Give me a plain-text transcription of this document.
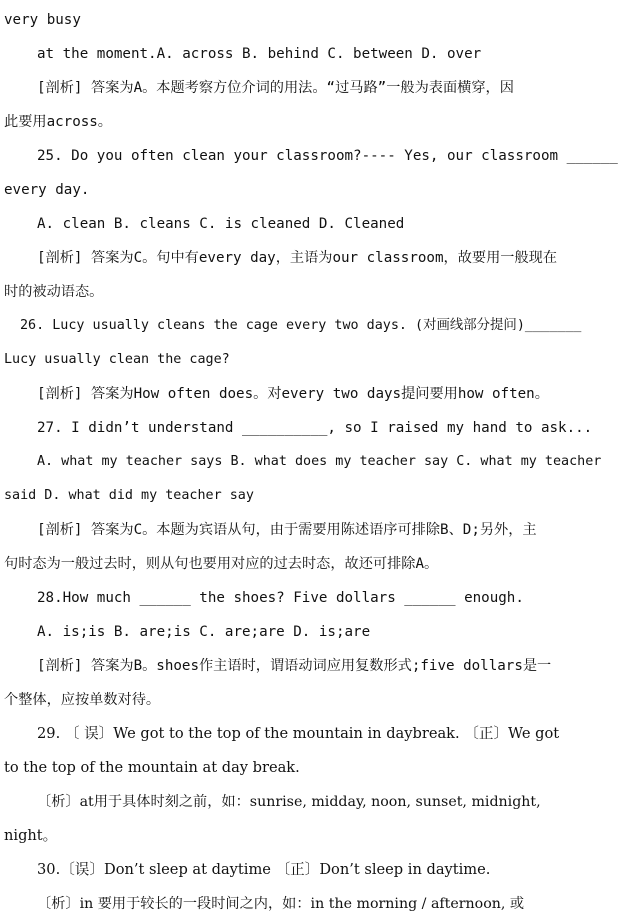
very busy
at the moment.A. across B. behind C. between D. over
[剖析] 答案为A。本题考察方位介词的用法。“过马路”一般为表面横穿，因
此要用across。
25. Do you often clean your classroom?---- Yes, our classroom ______
every day.
A. clean B. cleans C. is cleaned D. Cleaned
[剖析] 答案为C。句中有every day，主语为our classroom，故要用一般现在
时的被动语态。
26. Lucy usually cleans the cage every two days. (对画线部分提问)_______
Lucy usually clean the cage?
[剖析] 答案为How often does。对every two days提问要用how often。
27. I didn’t understand __________, so I raised my hand to ask...
A. what my teacher says B. what does my teacher say C. what my teacher
said D. what did my teacher say
[剖析] 答案为C。本题为宾语从句，由于需要用陈述语序可排除B、D;另外，主
句时态为一般过去时，则从句也要用对应的过去时态，故还可排除A。
28.How much ______ the shoes? Five dollars ______ enough.
A. is;is B. are;is C. are;are D. is;are
[剖析] 答案为B。shoes作主语时，谓语动词应用复数形式;five dollars是一
个整体，应按单数对待。
29. 〔 误〕We got to the top of the mountain in daybreak. 〔正〕We got
to the top of the mountain at day break.
〔析〕at用于具体时刻之前，如：sunrise, midday, noon, sunset, midnight,
night。
30.〔误〕Don’t sleep at daytime 〔正〕Don’t sleep in daytime.
〔析〕in 要用于较长的一段时间之内，如：in the morning / afternoon, 或
